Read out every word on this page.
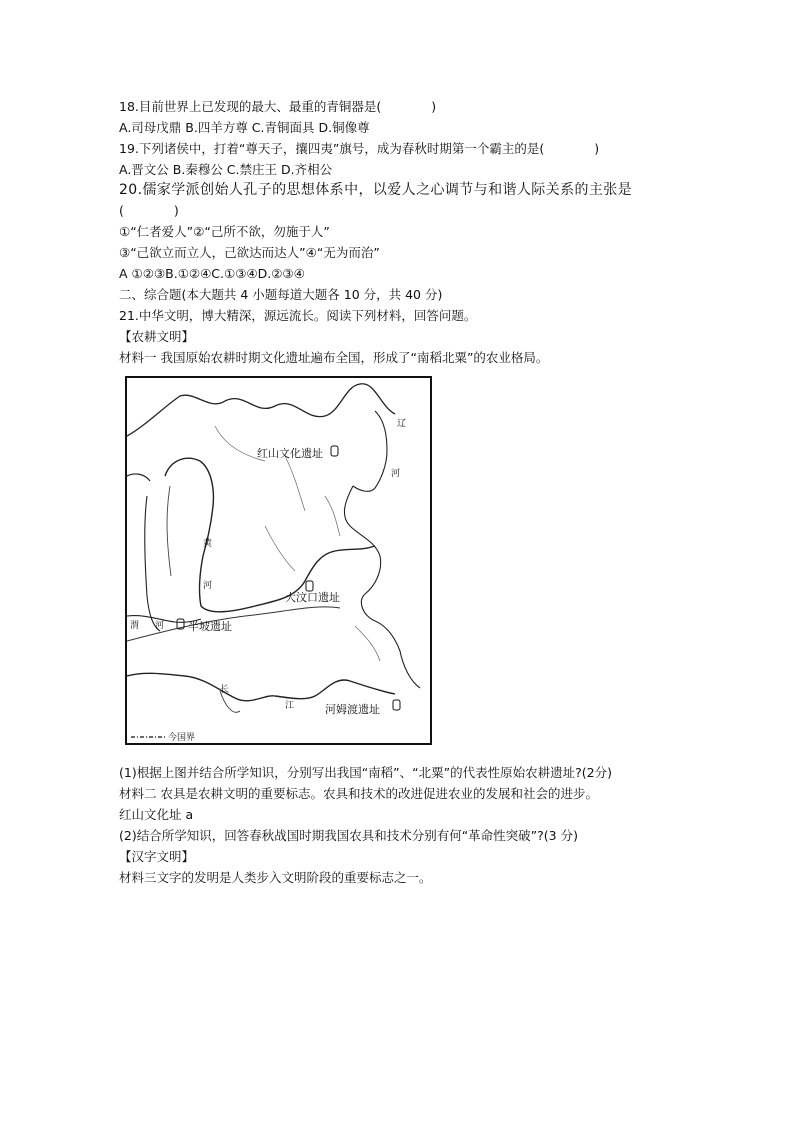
18.目前世界上已发现的最大、最重的青铜器是(　　　　)
A.司母戊鼎 B.四羊方尊 C.青铜面具 D.铜像尊
19.下列诸侯中，打着“尊天子，攘四夷”旗号，成为春秋时期第一个霸主的是(　　　　)
A.晋文公 B.秦穆公 C.禁庄王 D.齐相公
20.儒家学派创始人孔子的思想体系中，以爱人之心调节与和谐人际关系的主张是
(　　　　)
①“仁者爱人”②“己所不欲，勿施于人”
③“己欲立而立人，己欲达而达人”④“无为而治”
A ①②③B.①②④C.①③④D.②③④
二、综合题(本大题共 4 小题每道大题各 10 分，共 40 分)
21.中华文明，博大精深，源远流长。阅读下列材料，回答问题。
【农耕文明】
材料一 我国原始农耕时期文化遗址遍布全国，形成了“南稻北粟”的农业格局。
红山文化遗址
大汶口遗址
半坡遗址
河姆渡遗址
黄
河
渭 河
长
江
辽
河
今国界
(1)根据上图并结合所学知识，分别写出我国“南稻”、“北粟”的代表性原始农耕遗址?(2分)
材料二 农具是农耕文明的重要标志。农具和技术的改进促进农业的发展和社会的进步。
红山文化址 a
(2)结合所学知识，回答春秋战国时期我国农具和技术分别有何“革命性突破”?(3 分)
【汉字文明】
材料三文字的发明是人类步入文明阶段的重要标志之一。
